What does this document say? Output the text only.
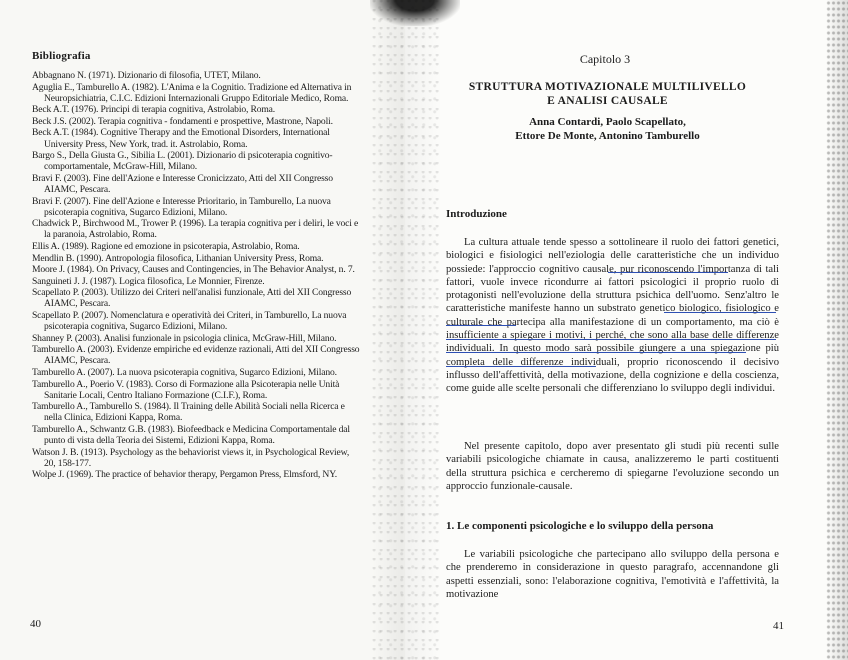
Bibliografia
Abbagnano N. (1971). Dizionario di filosofia, UTET, Milano.
Aguglia E., Tamburello A. (1982). L'Anima e la Cognitio. Tradizione ed Alternativa in Neuropsichiatria, C.I.C. Edizioni Internazionali Gruppo Editoriale Medico, Roma.
Beck A.T. (1976). Principi di terapia cognitiva, Astrolabio, Roma.
Beck J.S. (2002). Terapia cognitiva - fondamenti e prospettive, Mastrone, Napoli.
Beck A.T. (1984). Cognitive Therapy and the Emotional Disorders, International University Press, New York, trad. it. Astrolabio, Roma.
Bargo S., Della Giusta G., Sibilia L. (2001). Dizionario di psicoterapia cognitivo-comportamentale, McGraw-Hill, Milano.
Bravi F. (2003). Fine dell'Azione e Interesse Cronicizzato, Atti del XII Congresso AIAMC, Pescara.
Bravi F. (2007). Fine dell'Azione e Interesse Prioritario, in Tamburello, La nuova psicoterapia cognitiva, Sugarco Edizioni, Milano.
Chadwick P., Birchwood M., Trower P. (1996). La terapia cognitiva per i deliri, le voci e la paranoia, Astrolabio, Roma.
Ellis A. (1989). Ragione ed emozione in psicoterapia, Astrolabio, Roma.
Mendlin B. (1990). Antropologia filosofica, Lithanian University Press, Roma.
Moore J. (1984). On Privacy, Causes and Contingencies, in The Behavior Analyst, n. 7.
Sanguineti J. J. (1987). Logica filosofica, Le Monnier, Firenze.
Scapellato P. (2003). Utilizzo dei Criteri nell'analisi funzionale, Atti del XII Congresso AIAMC, Pescara.
Scapellato P. (2007). Nomenclatura e operatività dei Criteri, in Tamburello, La nuova psicoterapia cognitiva, Sugarco Edizioni, Milano.
Shanney P. (2003). Analisi funzionale in psicologia clinica, McGraw-Hill, Milano.
Tamburello A. (2003). Evidenze empiriche ed evidenze razionali, Atti del XII Congresso AIAMC, Pescara.
Tamburello A. (2007). La nuova psicoterapia cognitiva, Sugarco Edizioni, Milano.
Tamburello A., Poerio V. (1983). Corso di Formazione alla Psicoterapia nelle Unità Sanitarie Locali, Centro Italiano Formazione (C.I.F.), Roma.
Tamburello A., Tamburello S. (1984). Il Training delle Abilità Sociali nella Ricerca e nella Clinica, Edizioni Kappa, Roma.
Tamburello A., Schwantz G.B. (1983). Biofeedback e Medicina Comportamentale dal punto di vista della Teoria dei Sistemi, Edizioni Kappa, Roma.
Watson J. B. (1913). Psychology as the behaviorist views it, in Psychological Review, 20, 158-177.
Wolpe J. (1969). The practice of behavior therapy, Pergamon Press, Elmsford, NY.
40
Capitolo 3
STRUTTURA MOTIVAZIONALE MULTILIVELLO
E ANALISI CAUSALE
Anna Contardi, Paolo Scapellato,
Ettore De Monte, Antonino Tamburello
Introduzione

La cultura attuale tende spesso a sottolineare il ruolo dei fattori genetici, biologici e fisiologici nell'eziologia delle caratteristiche che un individuo possiede: l'approccio cognitivo causale, pur riconoscendo l'importanza di tali fattori, vuole invece ricondurre ai fattori psicologici il proprio ruolo di protagonisti nell'evoluzione della struttura psichica dell'uomo. Senz'altro le caratteristiche manifeste hanno un substrato genetico biologico, fisiologico e culturale che partecipa alla manifestazione di un comportamento, ma ciò è insufficiente a spiegare i motivi, i perché, che sono alla base delle differenze individuali. In questo modo sarà possibile giungere a una spiegazione più completa delle differenze individuali, proprio riconoscendo il decisivo influsso dell'affettività, della motivazione, della cognizione e della coscienza, come guide alle scelte personali che differenziano lo sviluppo degli individui.

Nel presente capitolo, dopo aver presentato gli studi più recenti sulle variabili psicologiche chiamate in causa, analizzeremo le parti costituenti della struttura psichica e cercheremo di spiegarne l'evoluzione secondo un approccio funzionale-causale.

1. Le componenti psicologiche e lo sviluppo della persona

Le variabili psicologiche che partecipano allo sviluppo della persona e che prenderemo in considerazione in questo paragrafo, accennandone gli aspetti essenziali, sono: l'elaborazione cognitiva, l'emotività e l'affettività, la motivazione

41
